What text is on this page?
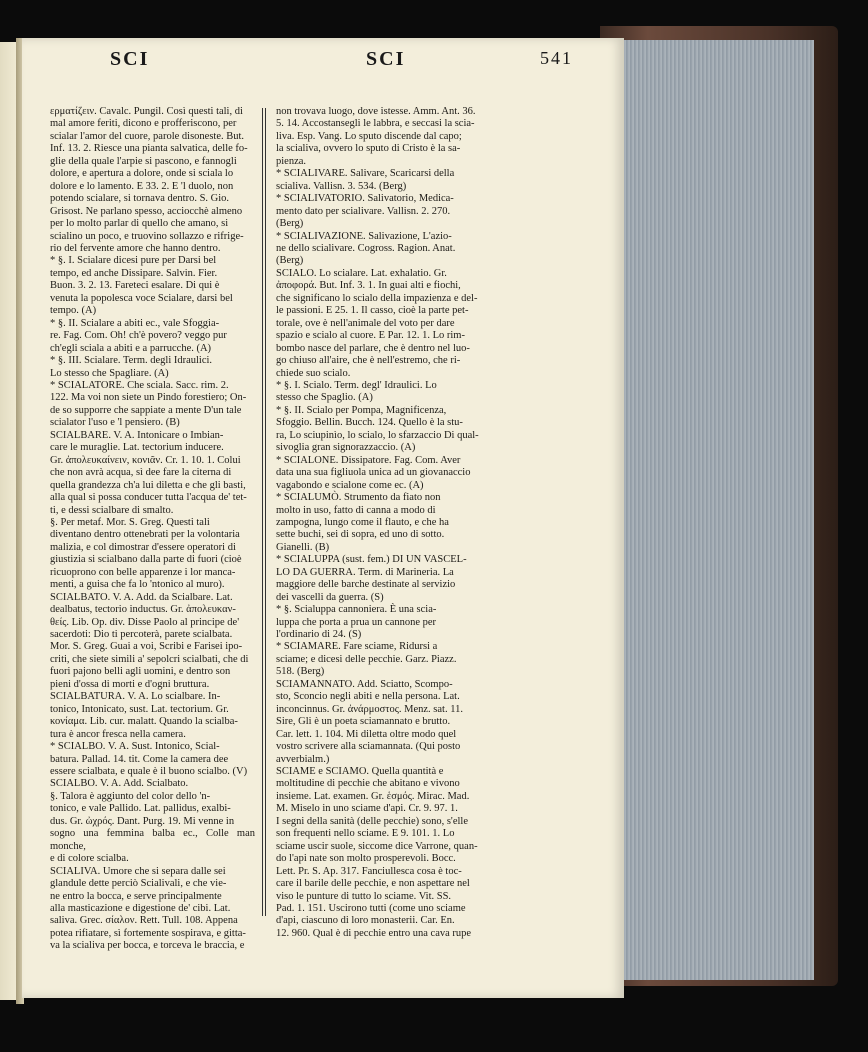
SCI	SCI	541

ερματίζειν. Cavalc. Pungil. Così questi tali, di

mal amore feriti, dicono e profferiscono, per

scialar l'amor del cuore, parole disoneste. But.

Inf. 13. 2. Riesce una pianta salvatica, delle fo-

glie della quale l'arpie si pascono, e fannogli

dolore, e apertura a dolore, onde si sciala lo

dolore e lo lamento. E 33. 2. E 'l duolo, non

potendo scialare, si tornava dentro. S. Gio.

Grisost. Ne parlano spesso, acciocchè almeno

per lo molto parlar di quello che amano, si

scialino un poco, e truovino sollazzo e rifrige-

rio del fervente amore che hanno dentro.

* §. I. Scialare dicesi pure per Darsi bel

tempo, ed anche Dissipare. Salvin. Fier.

Buon. 3. 2. 13. Fareteci esalare. Di qui è

venuta la popolesca voce Scialare, darsi bel

tempo. (A)

* §. II. Scialare a abiti ec., vale Sfoggia-

re. Fag. Com. Oh! ch'è povero? veggo pur

ch'egli sciala a abiti e a parrucche. (A)

* §. III. Scialare. Term. degli Idraulici.

Lo stesso che Spagliare. (A)

* SCIALATORE. Che sciala. Sacc. rim. 2.

122. Ma voi non siete un Pindo forestiero; On-

de so supporre che sappiate a mente D'un tale

scialator l'uso e 'l pensiero. (B)

SCIALBARE. V. A. Intonicare o Imbian-

care le muraglie. Lat. tectorium inducere.

Gr. ἀπολευκαίνειν, κονιᾶν. Cr. 1. 10. 1. Colui

che non avrà acqua, sì dee fare la citerna di

quella grandezza ch'a lui diletta e che gli basti,

alla qual si possa conducer tutta l'acqua de' tet-

ti, e dessi scialbare di smalto.

§. Per metaf. Mor. S. Greg. Questi tali

diventano dentro ottenebrati per la volontaria

malizia, e col dimostrar d'essere operatori di

giustizia si scialbano dalla parte di fuori (cioè

ricuoprono con belle apparenze i lor manca-

menti, a guisa che fa lo 'ntonico al muro).

SCIALBATO. V. A. Add. da Scialbare. Lat.

dealbatus, tectorio inductus. Gr. ἀπολευκαν-

θείς. Lib. Op. div. Disse Paolo al principe de'

sacerdoti: Dio ti percoterà, parete scialbata.

Mor. S. Greg. Guai a voi, Scribi e Farisei ipo-

criti, che siete simili a' sepolcri scialbati, che di

fuori pajono belli agli uomini, e dentro son

pieni d'ossa di morti e d'ogni bruttura.

SCIALBATURA. V. A. Lo scialbare. In-

tonico, Intonicato, sust. Lat. tectorium. Gr.

κονίαμα. Lib. cur. malatt. Quando la scialba-

tura è ancor fresca nella camera.

* SCIALBO. V. A. Sust. Intonico, Scial-

batura. Pallad. 14. tit. Come la camera dee

essere scialbata, e quale è il buono scialbo. (V)

SCIALBO. V. A. Add. Scialbato.

§. Talora è aggiunto del color dello 'n-

tonico, e vale Pallido. Lat. pallidus, exalbi-

dus. Gr. ὠχρός. Dant. Purg. 19. Mi venne in

sogno una femmina balba ec., Colle man monche,

e di colore scialba.

SCIALIVA. Umore che si separa dalle sei

glandule dette perciò Scialivali, e che vie-

ne entro la bocca, e serve principalmente

alla masticazione e digestione de' cibi. Lat.

saliva. Grec. σίαλον. Rett. Tull. 108. Appena

potea rifiatare, sì fortemente sospirava, e gitta-

va la scialiva per bocca, e torceva le braccia, e

non trovava luogo, dove istesse. Amm. Ant. 36.

5. 14. Accostansegli le labbra, e seccasi la scia-

liva. Esp. Vang. Lo sputo discende dal capo;

la scialiva, ovvero lo sputo di Cristo è la sa-

pienza.

* SCIALIVARE. Salivare, Scaricarsi della

scialiva. Vallisn. 3. 534. (Berg)

* SCIALIVATORIO. Salivatorio, Medica-

mento dato per scialivare. Vallisn. 2. 270.

(Berg)

* SCIALIVAZIONE. Salivazione, L'azio-

ne dello scialivare. Cogross. Ragion. Anat.

(Berg)

SCIALO. Lo scialare. Lat. exhalatio. Gr.

ἀποφορά. But. Inf. 3. 1. In guai alti e fiochi,

che significano lo scialo della impazienza e del-

le passioni. E 25. 1. Il casso, cioè la parte pet-

torale, ove è nell'animale del voto per dare

spazio e scialo al cuore. E Par. 12. 1. Lo rim-

bombo nasce del parlare, che è dentro nel luo-

go chiuso all'aire, che è nell'estremo, che ri-

chiede suo scialo.

* §. I. Scialo. Term. degl' Idraulici. Lo

stesso che Spaglio. (A)

* §. II. Scialo per Pompa, Magnificenza,

Sfoggio. Bellin. Bucch. 124. Quello è la stu-

ra, Lo sciupinìo, lo scialo, lo sfarzaccio Di qual-

sivoglia gran signorazzaccio. (A)

* SCIALONE. Dissipatore. Fag. Com. Aver

data una sua figliuola unica ad un giovanaccio

vagabondo e scialone come ec. (A)

* SCIALUMÒ. Strumento da fiato non

molto in uso, fatto di canna a modo di

zampogna, lungo come il flauto, e che ha

sette buchi, sei di sopra, ed uno di sotto.

Gianelli. (B)

* SCIALUPPA (sust. fem.) DI UN VASCEL-

LO DA GUERRA. Term. di Marineria. La

maggiore delle barche destinate al servizio

dei vascelli da guerra. (S)

* §. Scialuppa cannoniera. È una scia-

luppa che porta a prua un cannone per

l'ordinario di 24. (S)

* SCIAMARE. Fare sciame, Ridursi a

sciame; e dicesi delle pecchie. Garz. Piazz.

518. (Berg)

SCIAMANNATO. Add. Sciatto, Scompo-

sto, Sconcio negli abiti e nella persona. Lat.

inconcinnus. Gr. ἀνάρμοστος. Menz. sat. 11.

Sire, Gli è un poeta sciamannato e brutto.

Car. lett. 1. 104. Mi diletta oltre modo quel

vostro scrivere alla sciamannata. (Qui posto

avverbialm.)

SCIAME e SCIAMO. Quella quantità e

moltitudine di pecchie che abitano e vivono

insieme. Lat. examen. Gr. ἑσμός. Mirac. Mad.

M. Miselo in uno sciame d'api. Cr. 9. 97. 1.

I segni della sanità (delle pecchie) sono, s'elle

son frequenti nello sciame. E 9. 101. 1. Lo

sciame uscir suole, siccome dice Varrone, quan-

do l'api nate son molto prosperevoli. Bocc.

Lett. Pr. S. Ap. 317. Fanciullesca cosa è toc-

care il barile delle pecchie, e non aspettare nel

viso le punture di tutto lo sciame. Vit. SS.

Pad. 1. 151. Uscirono tutti (come uno sciame

d'api, ciascuno di loro monasterii. Car. En.

12. 960. Qual è di pecchie entro una cava rupe
